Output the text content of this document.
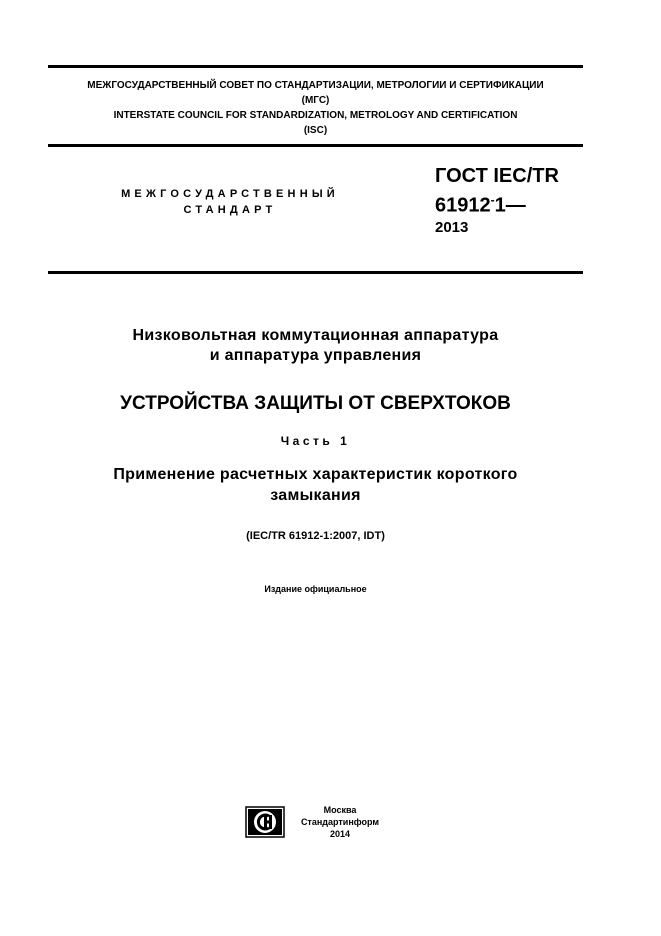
МЕЖГОСУДАРСТВЕННЫЙ СОВЕТ ПО СТАНДАРТИЗАЦИИ, МЕТРОЛОГИИ И СЕРТИФИКАЦИИ
(МГС)
INTERSTATE COUNCIL FOR STANDARDIZATION, METROLOGY AND CERTIFICATION
(ISC)
МЕЖГОСУДАРСТВЕННЫЙ
СТАНДАРТ
ГОСТ IEC/TR
61912-1—
2013
Низковольтная коммутационная аппаратура
и аппаратура управления
УСТРОЙСТВА ЗАЩИТЫ ОТ СВЕРХТОКОВ
Часть 1
Применение расчетных характеристик короткого
замыкания
(IEC/TR 61912-1:2007, IDT)
Издание официальное
Москва
Стандартинформ
2014
